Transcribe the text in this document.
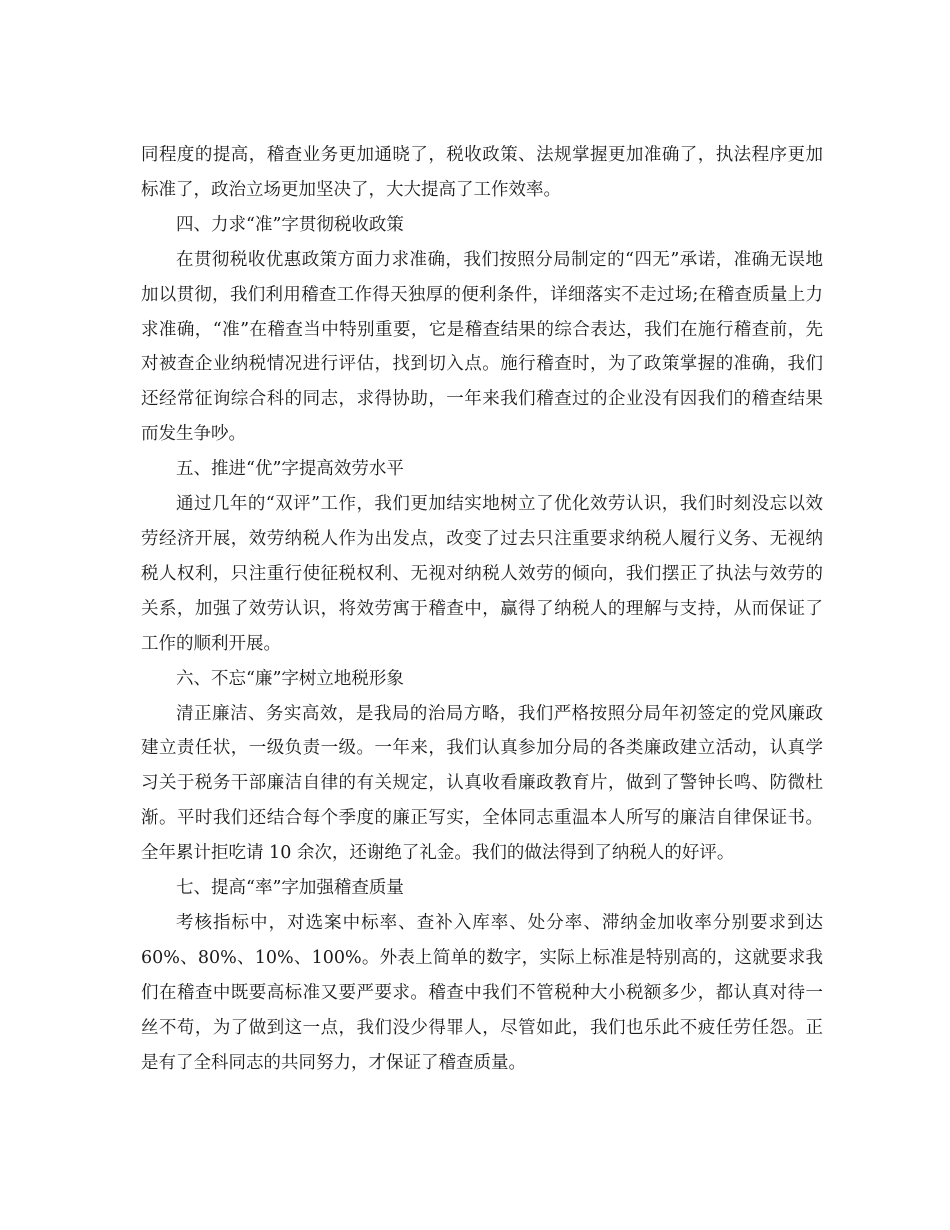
同程度的提高，稽查业务更加通晓了，税收政策、法规掌握更加准确了，执法程序更加标准了，政治立场更加坚决了，大大提高了工作效率。

四、力求“准”字贯彻税收政策

在贯彻税收优惠政策方面力求准确，我们按照分局制定的“四无”承诺，准确无误地加以贯彻，我们利用稽查工作得天独厚的便利条件，详细落实不走过场;在稽查质量上力求准确，“准”在稽查当中特别重要，它是稽查结果的综合表达，我们在施行稽查前，先对被查企业纳税情况进行评估，找到切入点。施行稽查时，为了政策掌握的准确，我们还经常征询综合科的同志，求得协助，一年来我们稽查过的企业没有因我们的稽查结果而发生争吵。

五、推进“优”字提高效劳水平

通过几年的“双评”工作，我们更加结实地树立了优化效劳认识，我们时刻没忘以效劳经济开展，效劳纳税人作为出发点，改变了过去只注重要求纳税人履行义务、无视纳税人权利，只注重行使征税权利、无视对纳税人效劳的倾向，我们摆正了执法与效劳的关系，加强了效劳认识，将效劳寓于稽查中，赢得了纳税人的理解与支持，从而保证了工作的顺利开展。

六、不忘“廉”字树立地税形象

清正廉洁、务实高效，是我局的治局方略，我们严格按照分局年初签定的党风廉政建立责任状，一级负责一级。一年来，我们认真参加分局的各类廉政建立活动，认真学习关于税务干部廉洁自律的有关规定，认真收看廉政教育片，做到了警钟长鸣、防微杜渐。平时我们还结合每个季度的廉正写实，全体同志重温本人所写的廉洁自律保证书。全年累计拒吃请 10 余次，还谢绝了礼金。我们的做法得到了纳税人的好评。

七、提高“率”字加强稽查质量

考核指标中，对选案中标率、查补入库率、处分率、滞纳金加收率分别要求到达 60%、80%、10%、100%。外表上简单的数字，实际上标准是特别高的，这就要求我们在稽查中既要高标准又要严要求。稽查中我们不管税种大小税额多少，都认真对待一丝不苟，为了做到这一点，我们没少得罪人，尽管如此，我们也乐此不疲任劳任怨。正是有了全科同志的共同努力，才保证了稽查质量。
